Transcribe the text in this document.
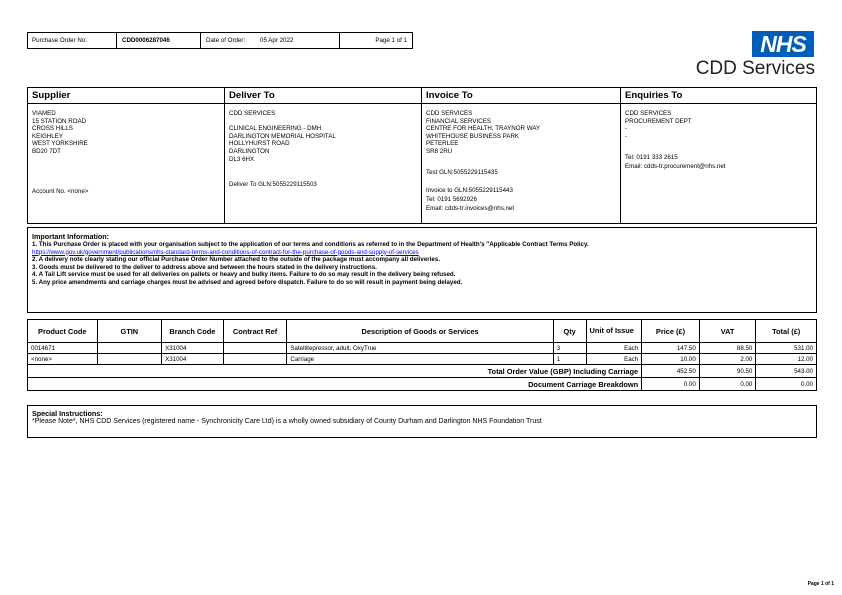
Purchase Order No:	CDD0006287046	Date of Order: 05 Apr 2022	Page 1 of 1	NHS
CDD Services
Supplier
VIAMED
15 STATION ROAD
CROSS HILLS
KEIGHLEY
WEST YORKSHIRE
BD20 7DT
Account No. <none>
Deliver To
CDD SERVICES

CLINICAL ENGINEERING - DMH
DARLINGTON MEMORIAL HOSPITAL
HOLLYHURST ROAD
DARLINGTON
DL3 6HX
Deliver To GLN:5055229115503
Invoice To
CDD SERVICES
FINANCIAL SERVICES
CENTRE FOR HEALTH, TRAYNOR WAY
WHITEHOUSE BUSINESS PARK
PETERLEE
SR8 2RU
Test GLN:5055229115435
Invoice to GLN:5055229115443
Tel: 0191 5692926
Email: cdds-tr.invoices@nhs.net
Enquiries To
CDD SERVICES
PROCUREMENT DEPT
-
-
Tel: 0191 333 2615
Email: cdds-tr.procurement@nhs.net
Important Information:
1. This Purchase Order is placed with your organisation subject to the application of our terms and conditions as referred to in the Department of Health's "Applicable Contract Terms Policy.
https://www.gov.uk/government/publications/nhs-standard-terms-and-conditions-of-contract-for-the-purchase-of-goods-and-supply-of-services
2. A delivery note clearly stating our official Purchase Order Number attached to the outside of the package must accompany all deliveries.
3. Goods must be delivered to the deliver to address above and between the hours stated in the delivery instructions.
4. A Tail Lift service must be used for all deliveries on pallets or heavy and bulky items. Failure to do so may result in the delivery being refused.
5. Any price amendments and carriage charges must be advised and agreed before dispatch. Failure to do so will result in payment being delayed.
Product Code	GTIN	Branch Code	Contract Ref	Description of Goods or Services	Qty	Unit of Issue	Price (£)	VAT	Total (£)
0014671		X31004		Satellitepressor, adult, OxyTrue	3	Each	147.50	88.50	531.00
<none>		X31004		Carriage	1	Each	10.00	2.00	12.00
Total Order Value (GBP) Including Carriage							452.50	90.50	543.00
Document Carriage Breakdown							0.00	0.00	0.00
Special Instructions:
*Please Note*, NHS CDD Services (registered name - Synchronicity Care Ltd) is a wholly owned subsidiary of County Durham and Darlington NHS Foundation Trust
Page 1 of 1
